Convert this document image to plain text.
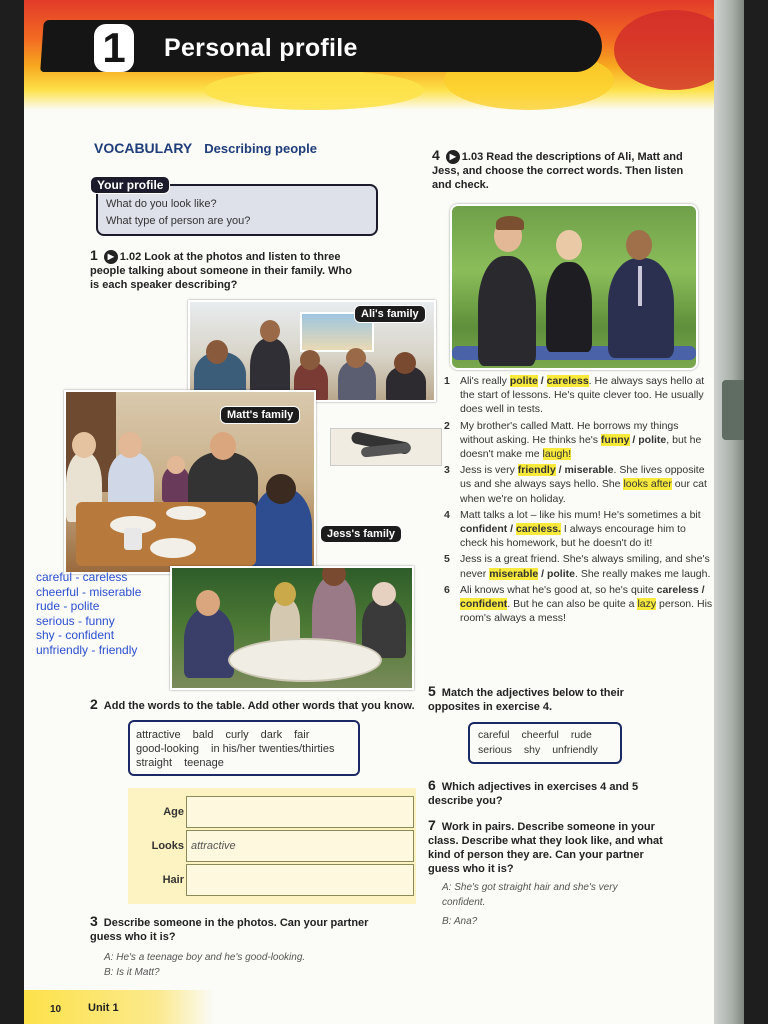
1	Personal profile
VOCABULARY Describing people
Your profile
What do you look like?
What type of person are you?
1 ▶ 1.02 Look at the photos and listen to three people talking about someone in their family. Who is each speaker describing?
Ali's family
Matt's family
Jess's family
careful - careless
cheerful - miserable
rude - polite
serious - funny
shy - confident
unfriendly - friendly
2 Add the words to the table. Add other words that you know.
attractive bald curly dark fair
good-looking in his/her twenties/thirties
straight teenage
Age
Looks attractive
Hair
3 Describe someone in the photos. Can your partner guess who it is?
A: He's a teenage boy and he's good-looking.
B: Is it Matt?
10 Unit 1
4 ▶ 1.03 Read the descriptions of Ali, Matt and Jess, and choose the correct words. Then listen and check.
1 Ali's really polite / careless. He always says hello at the start of lessons. He's quite clever too. He usually does well in tests.
2 My brother's called Matt. He borrows my things without asking. He thinks he's funny / polite, but he doesn't make me laugh!
3 Jess is very friendly / miserable. She lives opposite us and she always says hello. She looks after our cat when we're on holiday.
4 Matt talks a lot – like his mum! He's sometimes a bit confident / careless. I always encourage him to check his homework, but he doesn't do it!
5 Jess is a great friend. She's always smiling, and she's never miserable / polite. She really makes me laugh.
6 Ali knows what he's good at, so he's quite careless / confident. But he can also be quite a lazy person. His room's always a mess!
5 Match the adjectives below to their opposites in exercise 4.
careful cheerful rude
serious shy unfriendly
6 Which adjectives in exercises 4 and 5 describe you?
7 Work in pairs. Describe someone in your class. Describe what they look like, and what kind of person they are. Can your partner guess who it is?
A: She's got straight hair and she's very confident.
B: Ana?
